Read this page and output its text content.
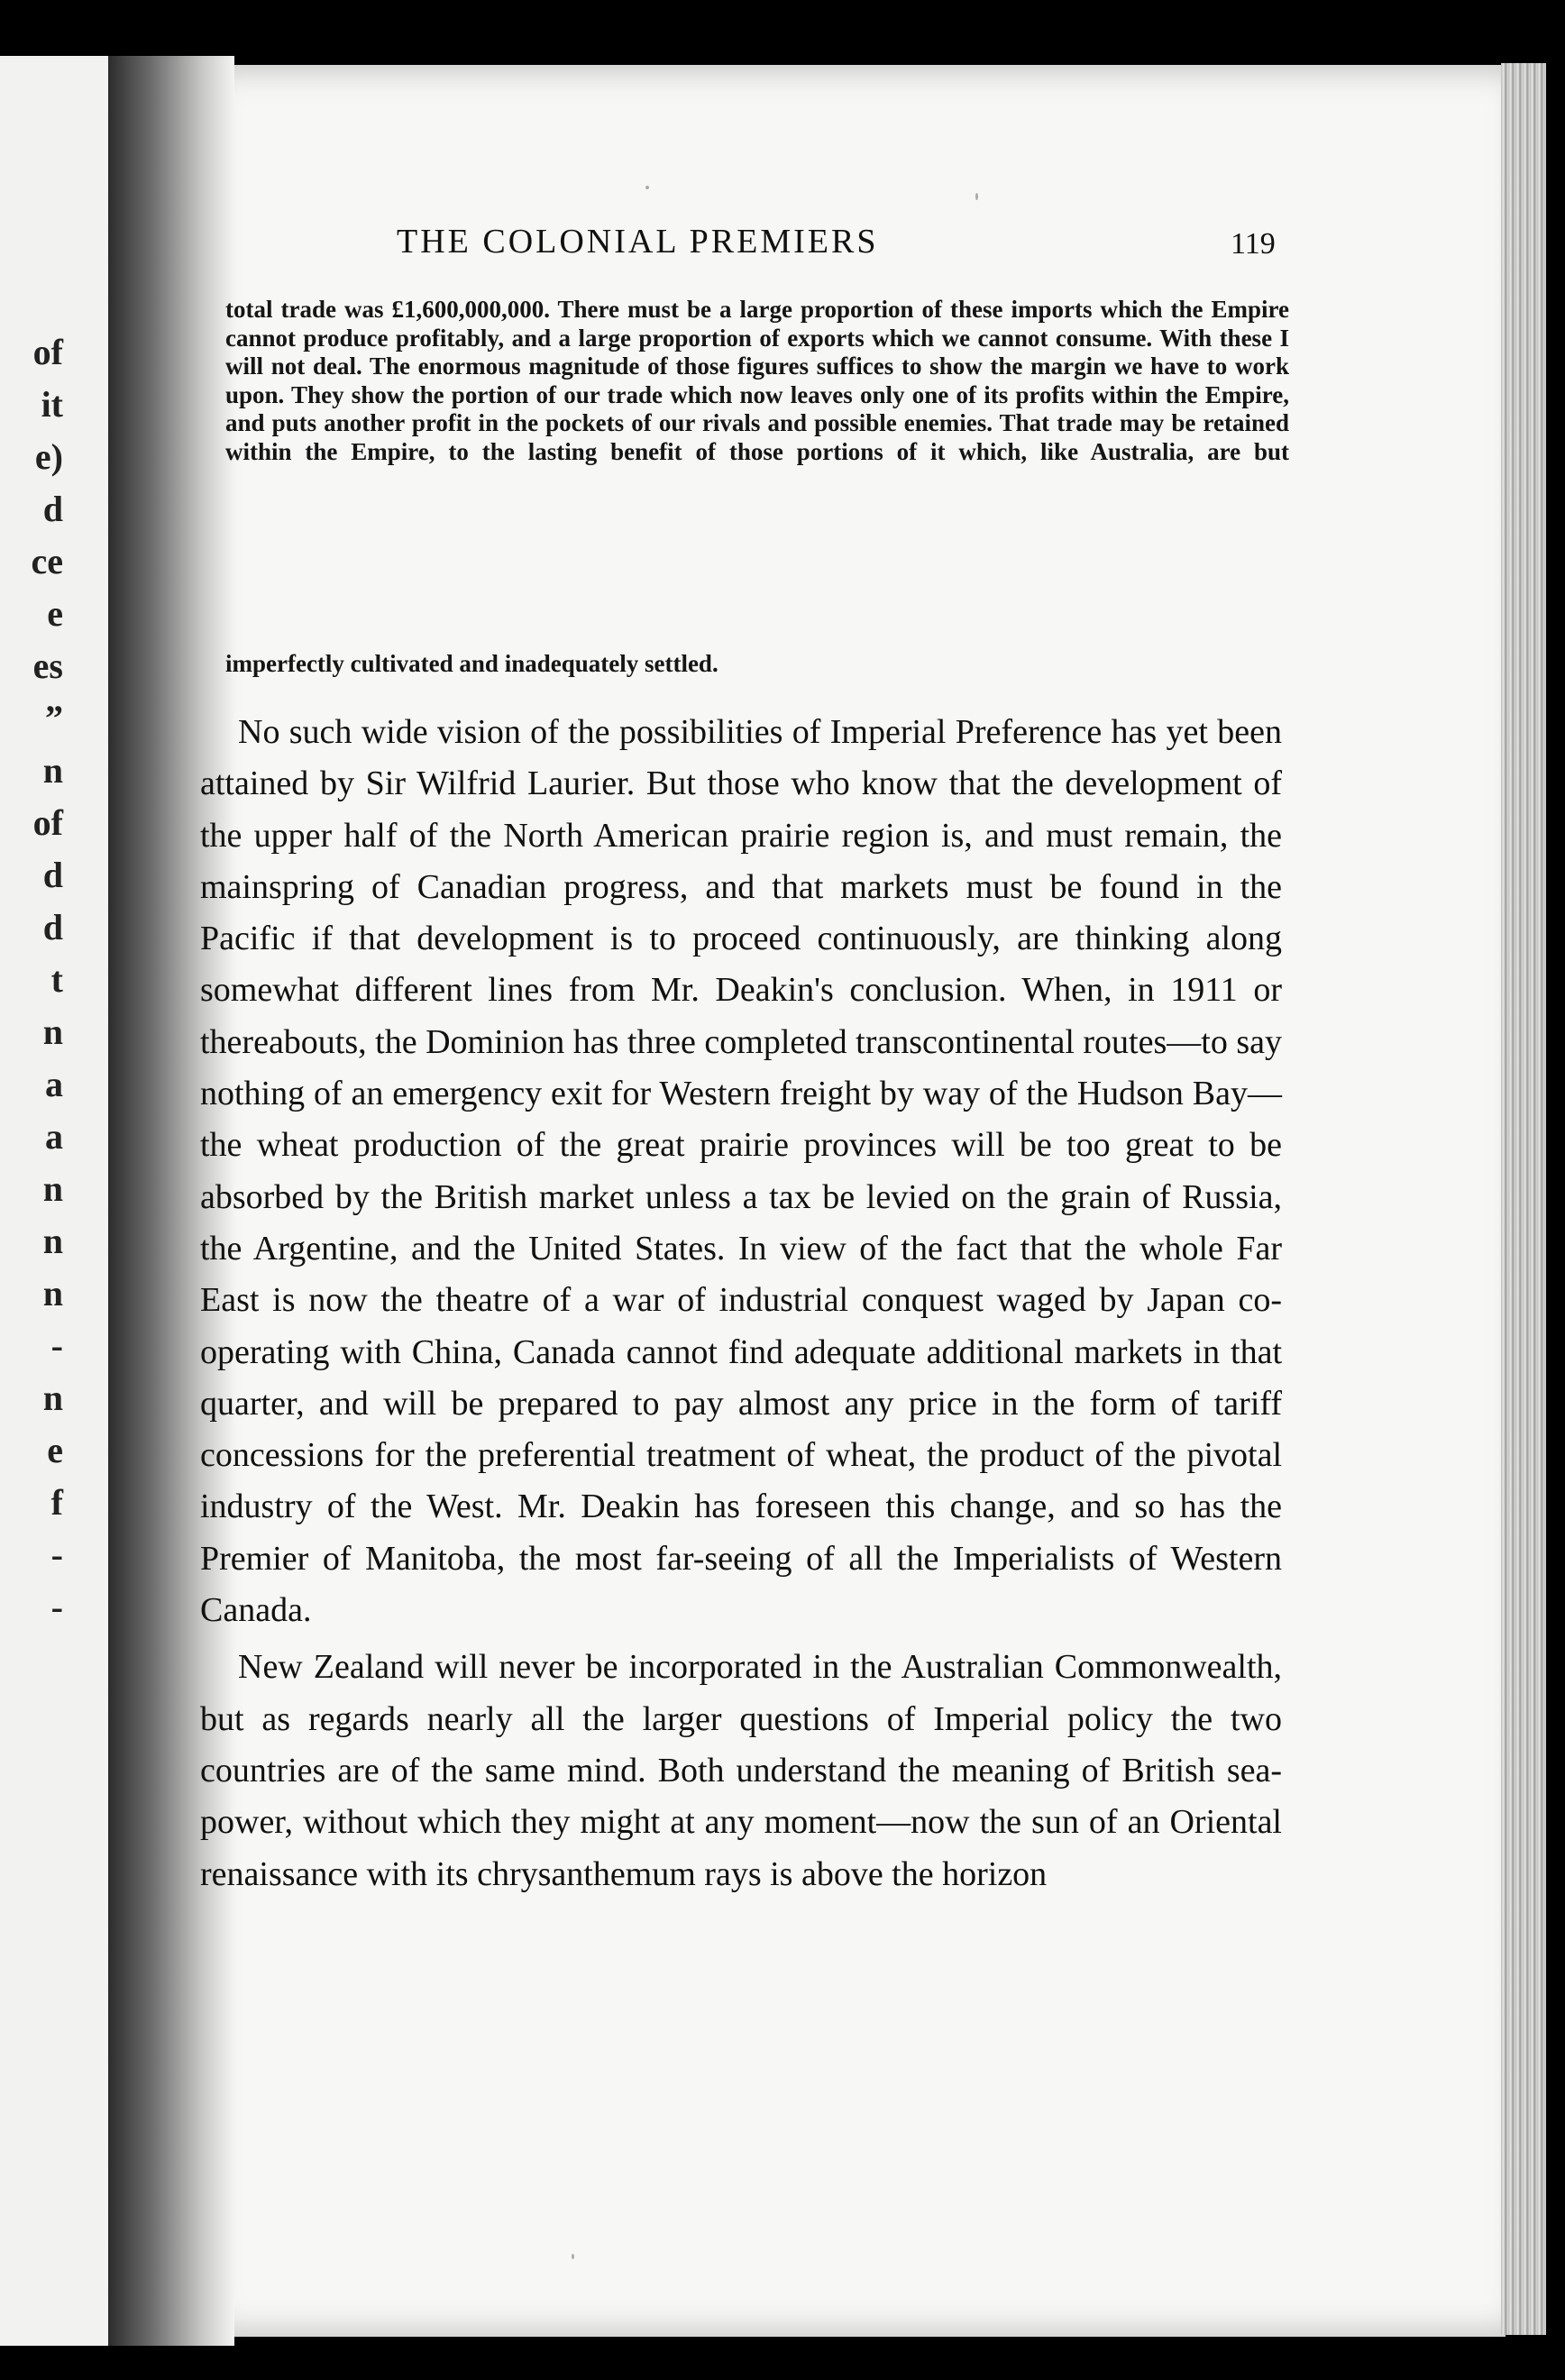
of
it
e)
d
ce
e
es
”
n
of
d
d
t
n
a
a
n
n
n
-
n
e
f
-
-
THE COLONIAL PREMIERS	119
total trade was £1,600,000,000. There must be a large proportion of these imports which the Empire cannot produce profitably, and a large proportion of exports which we cannot consume. With these I will not deal. The enormous magnitude of those figures suffices to show the margin we have to work upon. They show the portion of our trade which now leaves only one of its profits within the Empire, and puts another profit in the pockets of our rivals and possible enemies. That trade may be retained within the Empire, to the lasting benefit of those portions of it which, like Australia, are but
imperfectly cultivated and inadequately settled.

No such wide vision of the possibilities of Imperial Preference has yet been attained by Sir Wilfrid Laurier. But those who know that the development of the upper half of the North American prairie region is, and must remain, the mainspring of Canadian progress, and that markets must be found in the Pacific if that development is to proceed continuously, are thinking along somewhat different lines from Mr. Deakin's conclusion. When, in 1911 or thereabouts, the Dominion has three completed transcontinental routes—to say nothing of an emergency exit for Western freight by way of the Hudson Bay—the wheat production of the great prairie provinces will be too great to be absorbed by the British market unless a tax be levied on the grain of Russia, the Argentine, and the United States. In view of the fact that the whole Far East is now the theatre of a war of industrial conquest waged by Japan co-operating with China, Canada cannot find adequate additional markets in that quarter, and will be prepared to pay almost any price in the form of tariff concessions for the preferential treatment of wheat, the product of the pivotal industry of the West. Mr. Deakin has foreseen this change, and so has the Premier of Manitoba, the most far-seeing of all the Imperialists of Western Canada.

New Zealand will never be incorporated in the Australian Commonwealth, but as regards nearly all the larger questions of Imperial policy the two countries are of the same mind. Both understand the meaning of British sea-power, without which they might at any moment—now the sun of an Oriental renaissance with its chrysanthemum rays is above the horizon
